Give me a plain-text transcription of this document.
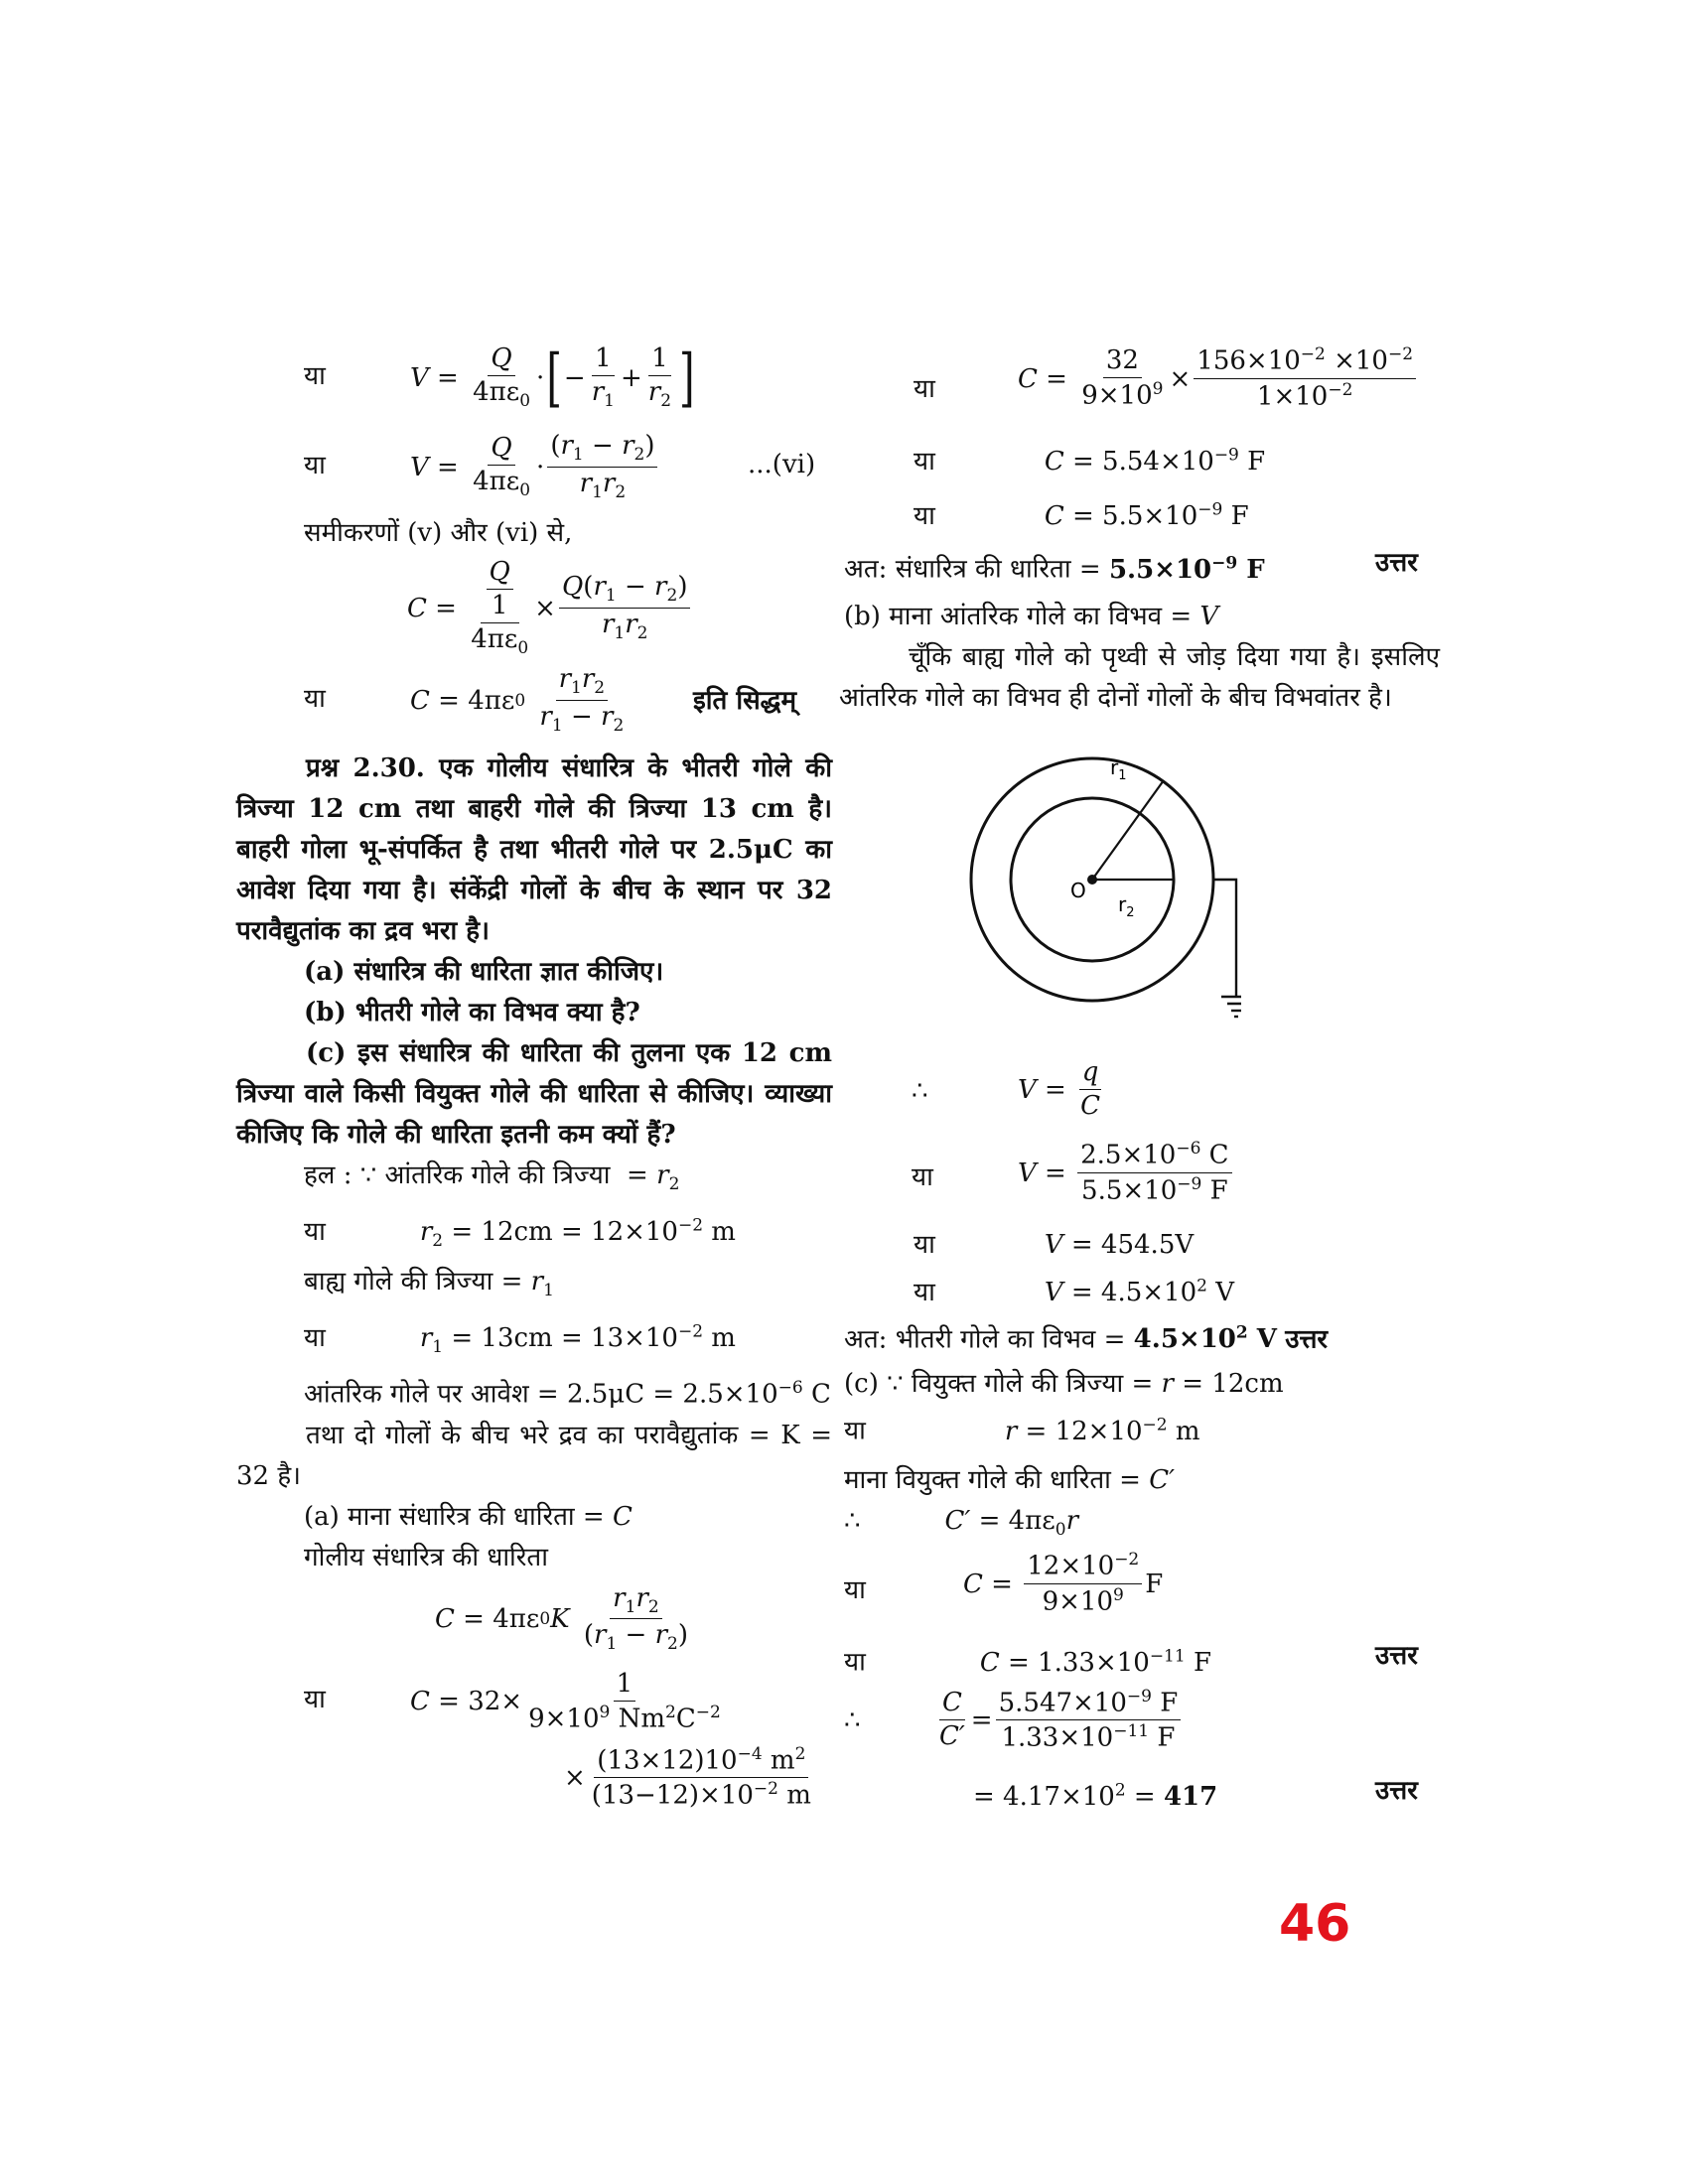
या	$V = \frac{Q}{4\pi\varepsilon_0}$ · [ − $\frac{1}{r_1} + \frac{1}{r_2}$ ]
या	$V = \frac{Q}{4\pi\varepsilon_0} \cdot \frac{(r_1 - r_2)}{r_1r_2}$	...(vi)
समीकरणों (v) और (vi) से,
$C = \frac{\frac{Q}{1}}{4\pi\varepsilon_0} \times \frac{Q(r_1 - r_2)}{r_1r_2}$
या	C = 4πε 0
$\frac{r_1r_2}{r_1 - r_2}$	इति सिद्धम्
प्रश्न 2.30. एक गोलीय संधारित्र के भीतरी गोले की त्रिज्या 12 cm तथा बाहरी गोले की त्रिज्या 13 cm है। बाहरी गोला भू-संपर्कित है तथा भीतरी गोले पर 2.5μC का आवेश दिया गया है। संकेंद्री गोलों के बीच के स्थान पर 32 परावैद्युतांक का द्रव भरा है।
(a) संधारित्र की धारिता ज्ञात कीजिए।
(b) भीतरी गोले का विभव क्या है?
(c) इस संधारित्र की धारिता की तुलना एक 12 cm त्रिज्या वाले किसी वियुक्त गोले की धारिता से कीजिए। व्याख्या कीजिए कि गोले की धारिता इतनी कम क्यों हैं?
हल : ∵ आंतरिक गोले की त्रिज्या  = $r_2$
या	$r_2 = 12cm = 12\times 10^{-2}$ m
बाह्य गोले की त्रिज्या = $r_1$
या	$r_1 = 13cm = 13\times 10^{-2}$ m
आंतरिक गोले पर आवेश = $2.5\mu C = 2.5\times 10^{-6}$ C
तथा दो गोलों के बीच भरे द्रव का परावैद्युतांक = K = 32 है।
(a) माना संधारित्र की धारिता = C
गोलीय संधारित्र की धारिता
C = 4πε 0 K
$\frac{r_1r_2}{(r_1 - r_2)}$
या	$C = 32\times \frac{1}{9\times 10^9 Nm^2C^{-2}}$
× $\frac{(13\times 12)10^{-4} m^2}{(13-12)\times 10^{-2} m}$
या	$C = \frac{32}{9\times 10^9} \times \frac{156\times 10^{-2} \times 10^{-2}}{1\times 10^{-2}}$
या	$C = 5.54\times 10^{-9}$ F
या	$C = 5.5\times 10^{-9}$ F
अत: संधारित्र की धारिता = $5.5\times 10^{-9}$ F	उत्तर
(b) माना आंतरिक गोले का विभव = V
चूँकि बाह्य गोले को पृथ्वी से जोड़ दिया गया है। इसलिए आंतरिक गोले का विभव ही दोनों गोलों के बीच विभवांतर है।
$r_1$
$r_2$
O
∴	$V = \frac{q}{C}$
या	$V = \frac{2.5\times 10^{-6} C}{5.5\times 10^{-9} F}$
या	V = 454.5V
या	$V = 4.5\times 10^2$ V
अत: भीतरी गोले का विभव = $4.5\times 10^2$ V उत्तर
(c) ∵ वियुक्त गोले की त्रिज्या = r = 12cm
या	$r = 12\times 10^{-2}$ m
माना वियुक्त गोले की धारिता = C′
∴	$C' = 4\pi\varepsilon_0r$
या	$C = \frac{12\times 10^{-2}}{9\times 10^9}$ F
या	$C = 1.33\times 10^{-11}$ F	उत्तर
∴	$\frac{C}{C'} = \frac{5.547\times 10^{-9} F}{1.33\times 10^{-11} F}$
= $4.17\times 10^2 = 417$	उत्तर
46
